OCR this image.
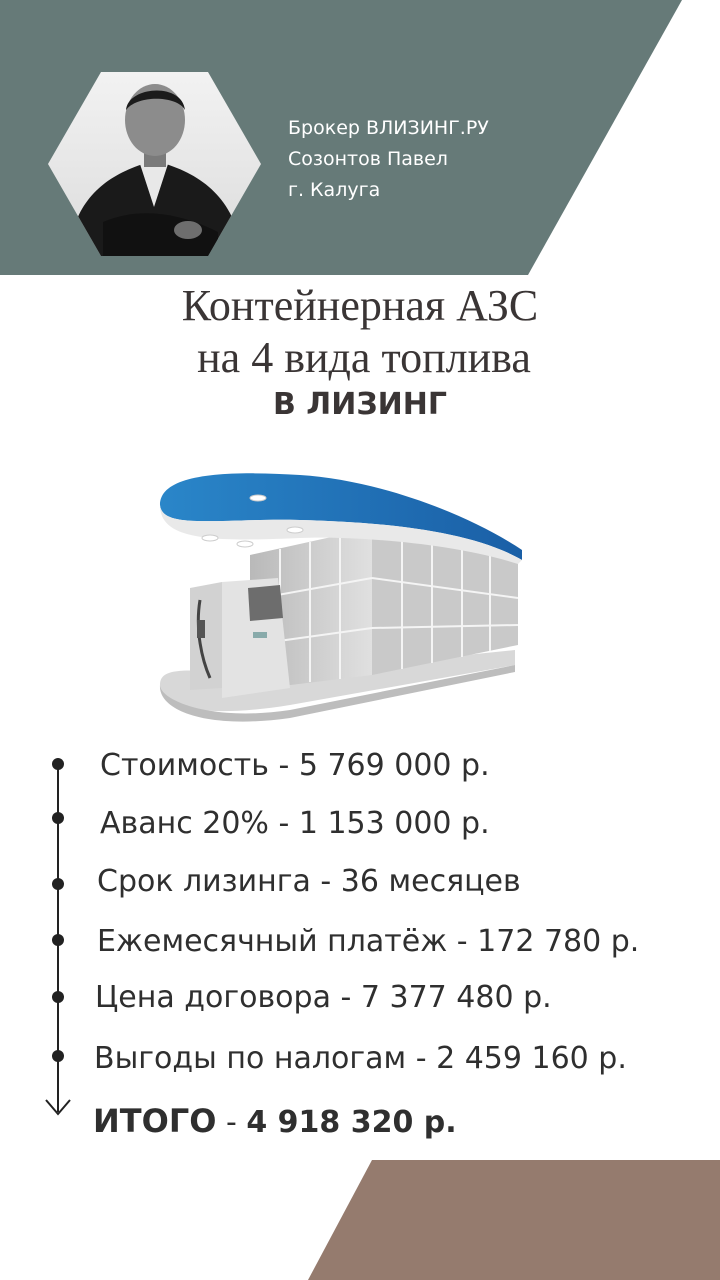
Брокер ВЛИЗИНГ.РУ
Созонтов Павел
г. Калуга
Контейнерная АЗС
на 4 вида топлива
В ЛИЗИНГ
Стоимость - 5 769 000 р.
Аванс 20% - 1 153 000 р.
Срок лизинга - 36 месяцев
Ежемесячный платёж - 172 780 р.
Цена договора - 7 377 480 р.
Выгоды по налогам - 2 459 160 р.
ИТОГО - 4 918 320 р.
